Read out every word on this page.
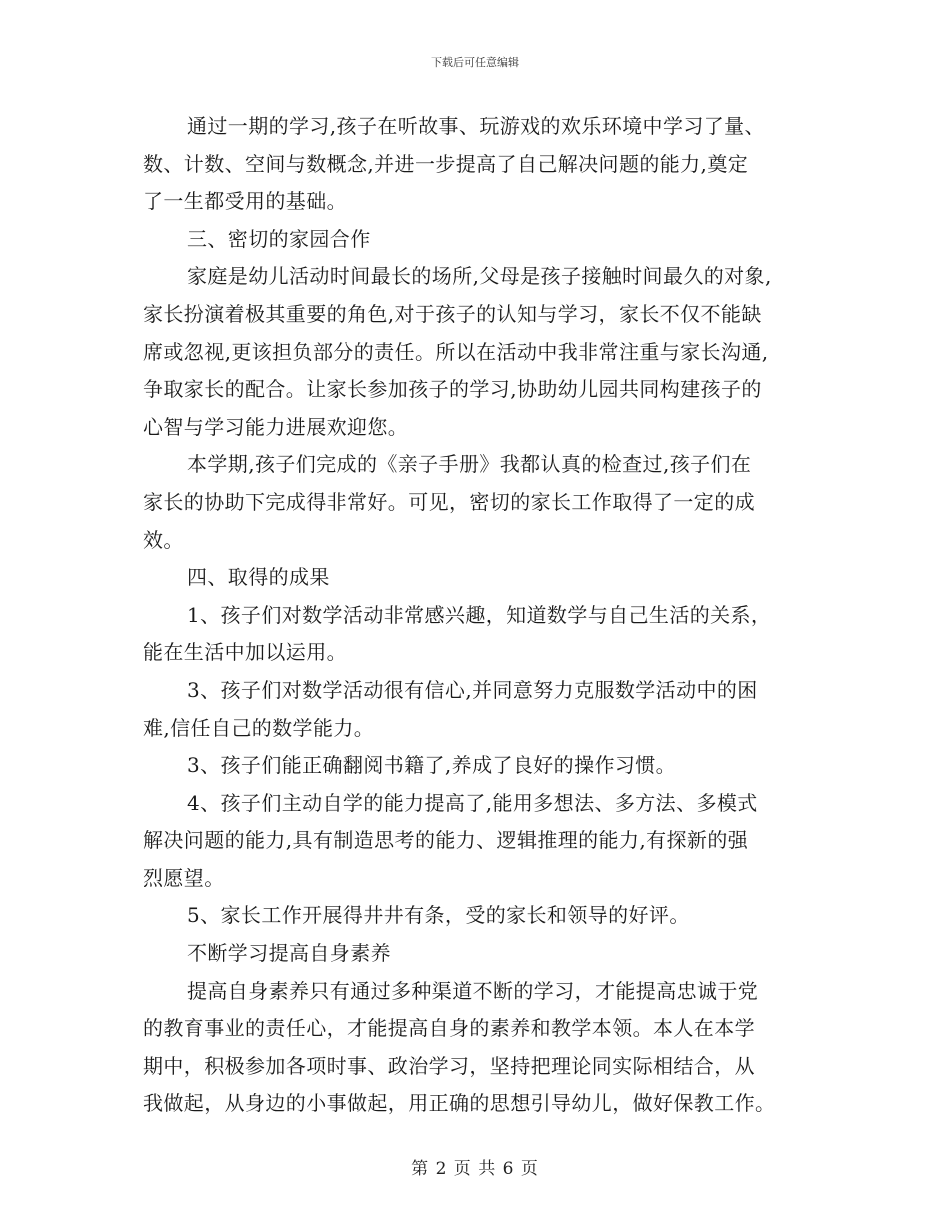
下载后可任意编辑
通过一期的学习,孩子在听故事、玩游戏的欢乐环境中学习了量、
数、计数、空间与数概念,并进一步提高了自己解决问题的能力,奠定
了一生都受用的基础。
三、密切的家园合作
家庭是幼儿活动时间最长的场所,父母是孩子接触时间最久的对象,
家长扮演着极其重要的角色,对于孩子的认知与学习，家长不仅不能缺
席或忽视,更该担负部分的责任。所以在活动中我非常注重与家长沟通,
争取家长的配合。让家长参加孩子的学习,协助幼儿园共同构建孩子的
心智与学习能力进展欢迎您。
本学期,孩子们完成的《亲子手册》我都认真的检查过,孩子们在
家长的协助下完成得非常好。可见，密切的家长工作取得了一定的成
效。
四、取得的成果
1、孩子们对数学活动非常感兴趣，知道数学与自己生活的关系，
能在生活中加以运用。
3、孩子们对数学活动很有信心,并同意努力克服数学活动中的困
难,信任自己的数学能力。
3、孩子们能正确翻阅书籍了,养成了良好的操作习惯。
4、孩子们主动自学的能力提高了,能用多想法、多方法、多模式
解决问题的能力,具有制造思考的能力、逻辑推理的能力,有探新的强
烈愿望。
5、家长工作开展得井井有条，受的家长和领导的好评。
不断学习提高自身素养
提高自身素养只有通过多种渠道不断的学习，才能提高忠诚于党
的教育事业的责任心，才能提高自身的素养和教学本领。本人在本学
期中，积极参加各项时事、政治学习，坚持把理论同实际相结合，从
我做起，从身边的小事做起，用正确的思想引导幼儿，做好保教工作。
第 2 页 共 6 页
